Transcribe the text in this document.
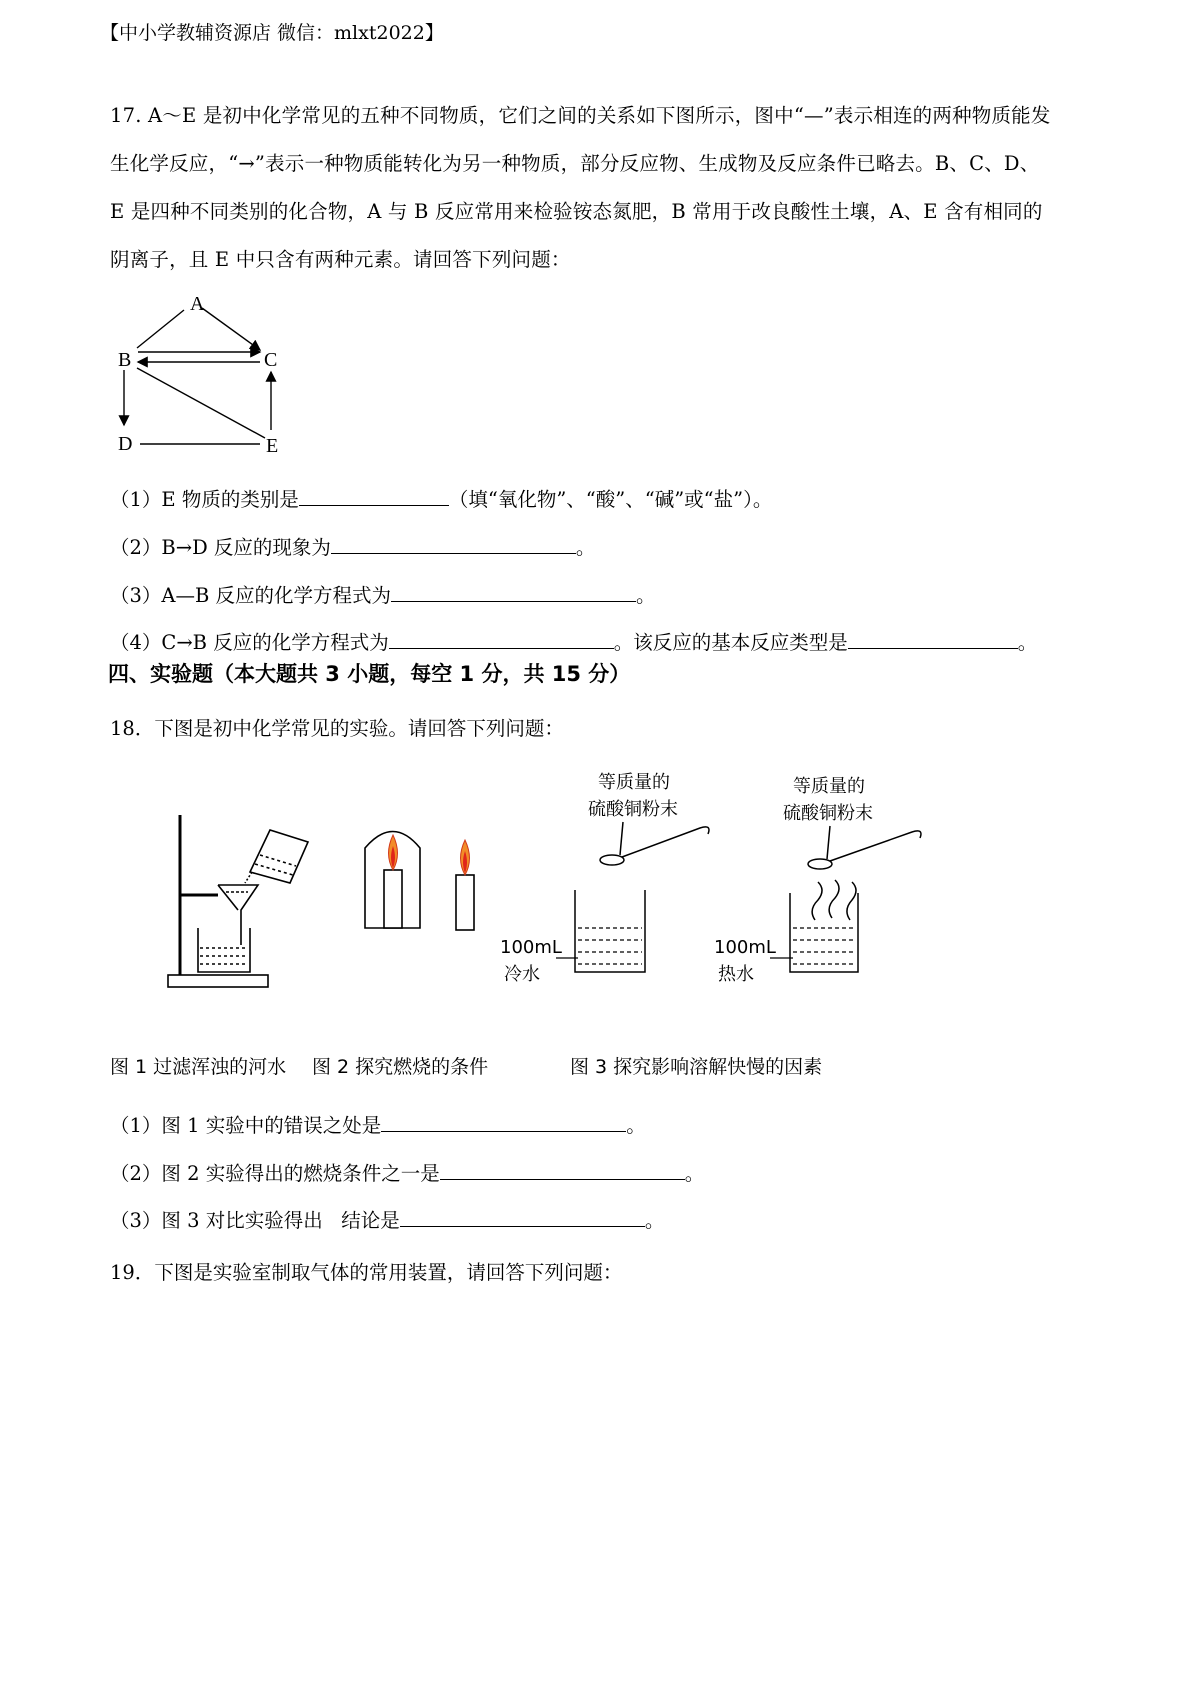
【中小学教辅资源店 微信：mlxt2022】
17. A～E 是初中化学常见的五种不同物质，它们之间的关系如下图所示，图中“—”表示相连的两种物质能发
生化学反应，“→”表示一种物质能转化为另一种物质，部分反应物、生成物及反应条件已略去。B、C、D、
E 是四种不同类别的化合物，A 与 B 反应常用来检验铵态氮肥，B 常用于改良酸性土壤，A、E 含有相同的
阴离子，且 E 中只含有两种元素。请回答下列问题：
A
B	C
D	E
（1）E 物质的类别是	（填“氧化物”、“酸”、“碱”或“盐”）。
（2）B→D 反应的现象为	。
（3）A—B 反应的化学方程式为	。
（4）C→B 反应的化学方程式为	。该反应的基本反应类型是	。
四、实验题（本大题共 3 小题，每空 1 分，共 15 分）
18．下图是初中化学常见的实验。请回答下列问题：
等质量的
硫酸铜粉末
等质量的
硫酸铜粉末
100mL
冷水
100mL
热水
图 1 过滤浑浊的河水 图 2 探究燃烧的条件	图 3 探究影响溶解快慢的因素
（1）图 1 实验中的错误之处是	。
（2）图 2 实验得出的燃烧条件之一是	。
（3）图 3 对比实验得出   结论是	。
19．下图是实验室制取气体的常用装置，请回答下列问题：
